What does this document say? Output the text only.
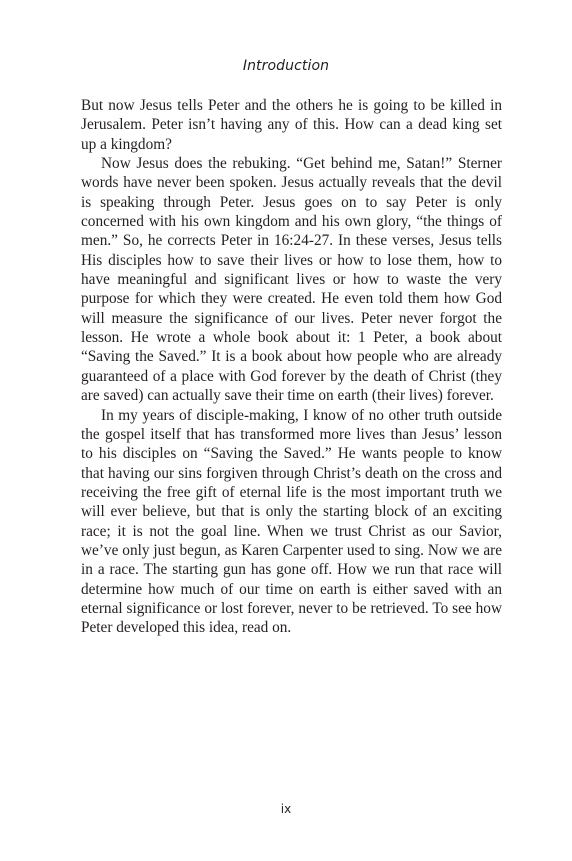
Introduction

But now Jesus tells Peter and the others he is going to be killed in Jerusalem. Peter isn’t having any of this. How can a dead king set up a kingdom?

Now Jesus does the rebuking. “Get behind me, Satan!” Sterner words have never been spoken. Jesus actually reveals that the devil is speaking through Peter. Jesus goes on to say Peter is only concerned with his own kingdom and his own glory, “the things of men.” So, he corrects Peter in 16:24-27. In these verses, Jesus tells His disciples how to save their lives or how to lose them, how to have meaningful and significant lives or how to waste the very purpose for which they were created. He even told them how God will measure the significance of our lives. Peter never forgot the lesson. He wrote a whole book about it: 1 Peter, a book about “Saving the Saved.” It is a book about how people who are already guaranteed of a place with God forever by the death of Christ (they are saved) can actually save their time on earth (their lives) forever.

In my years of disciple-making, I know of no other truth outside the gospel itself that has transformed more lives than Jesus’ lesson to his disciples on “Saving the Saved.” He wants people to know that having our sins forgiven through Christ’s death on the cross and receiving the free gift of eternal life is the most important truth we will ever believe, but that is only the starting block of an exciting race; it is not the goal line. When we trust Christ as our Savior, we’ve only just begun, as Karen Carpenter used to sing. Now we are in a race. The starting gun has gone off. How we run that race will determine how much of our time on earth is either saved with an eternal significance or lost forever, never to be retrieved. To see how Peter developed this idea, read on.

ix
